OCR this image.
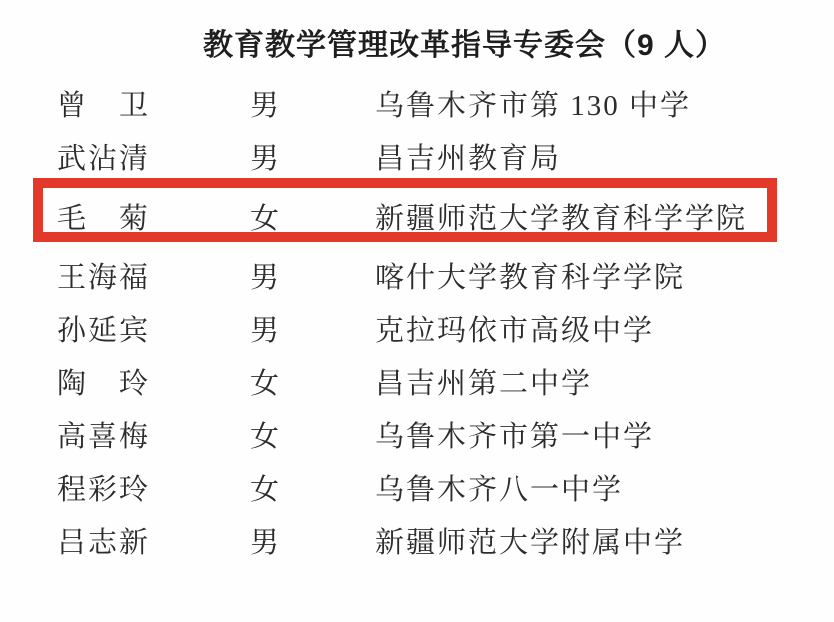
教育教学管理改革指导专委会（9 人）
曾　卫	男	乌鲁木齐市第 130 中学
武沾清	男	昌吉州教育局
毛　菊	女	新疆师范大学教育科学学院
王海福	男	喀什大学教育科学学院
孙延宾	男	克拉玛依市高级中学
陶　玲	女	昌吉州第二中学
高喜梅	女	乌鲁木齐市第一中学
程彩玲	女	乌鲁木齐八一中学
吕志新	男	新疆师范大学附属中学
